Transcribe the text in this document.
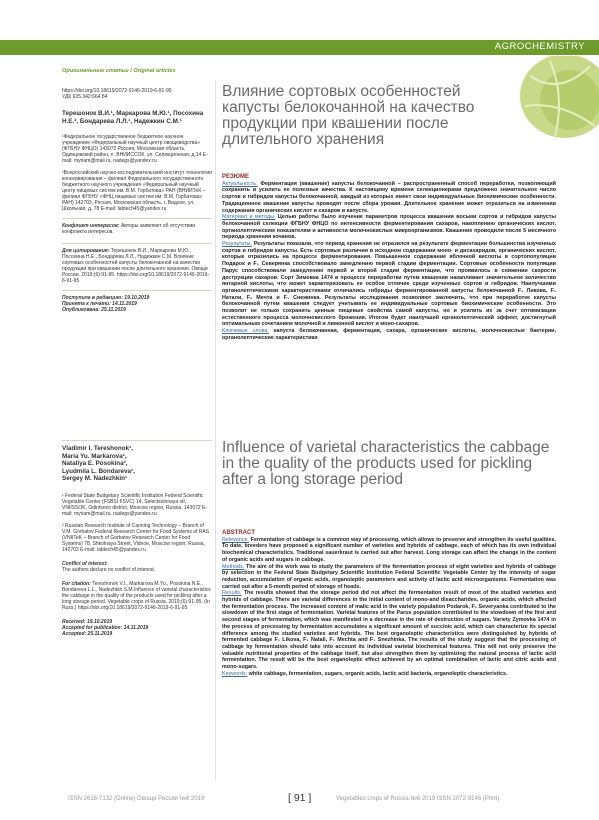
AGROCHEMISTRY

Оригинальные статьи / Original articles

https://doi.org/10.18619/2072-9146-2019-6-91-95

УДК 635.342:664.84

Терешонок В.И.¹, Маркарова М.Ю.¹, Посохина Н.Е.², Бондарева Л.Л.¹, Надежкин С.М.¹

¹Федеральное государственное бюджетное научное учреждение «Федеральный научный центр овощеводства» (ФГБНУ ФНЦО) 143072 Россия, Московская область, Одинцовский район, п. ВНИИССОК, ул. Селекционная, д.14 E-mail: myriam@mail.ru, nadegs@yandex.ru

²Всероссийский научно-исследовательский институт технологии консервирования – филиал Федерального государственного бюджетного научного учреждения «Федеральный научный центр пищевых систем им. В.М. Горбатова» РАН (ВНИИТеК – филиал ФГБНУ «ФНЦ пищевых систем им. В.М. Горбатова» РАН) 142703, Россия, Московская область, г. Видное, ул. Школьная, д. 78 E-mail: labtech45@yandex.ru

Конфликт интересов: Авторы заявляют об отсутствии конфликта интересов.

Для цитирования: Терешонок В.И., Маркарова М.Ю., Посохина Н.Е., Бондарева Л.Л., Надежкин С.М. Влияние сортовых особенностей капусты белокочанной на качество продукции при квашении после длительного хранения. Овощи России. 2019;(6):91-95. https://doi.org/10.18619/2072-9146-2019-6-91-95

Поступила в редакцию: 19.10.2019

Принята к печати: 14.11.2019

Опубликована: 25.11.2019

Vladimir I. Tereshonok¹,

Maria Yu. Markarova¹,

Nataliya E. Posokina²,

Lyudmila L. Bondareva¹,

Sergey M. Nadezhkin¹

¹ Federal State Budgetary Scientific Institution Federal Scientific Vegetable Center (FSBSI FSVC) 14, Selectsionnaya str., VNIISSOK, Odintsovo district, Moscow region, Russia, 143072 E-mail: myriam@mail.ru, nadegs@yandex.ru

² Russian Research Institute of Canning Technology – Branch of V.M. Gorbatov Federal Research Center for Food Systems of RAS (VNIITeK – Branch of Gorbatov Research Center for Food Systems) 78, Shkolnaya Street, Vidnoe, Moscow region, Russia, 142703 E-mail: labtech45@yandex.ru

Conflict of interest:

The authors declare no conflict of interest.

For citation: Tereshonok V.I., Markarova M.Yu., Posokina N.E., Bondareva L.L., Nadezhkin S.M.Influence of varietal characteristics the cabbage in the quality of the products used for pickling after a long storage period. Vegetable crops of Russia. 2019;(6):91-95. (In Russ.) https://doi.org/10.18619/2072-9146-2019-6-91-95

Received: 19.10.2019

Accepted for publication: 14.11.2019

Accepted: 25.11.2019

Влияние сортовых особенностей капусты белокочанной на качество продукции при квашении после длительного хранения
РЕЗЮМЕ

Актуальность. Ферментация (квашение) капусты белокочанной – распространенный способ переработки, позволяющий сохранить и усилить ее полезные качества. К настоящему времени селекционерами предложено значительное число сортов и гибридов капусты белокочанной, каждый из которых имеет свои индивидуальные биохимические особенности. Традиционное квашение капусты проводят после сбора урожая. Длительное хранение может отразиться на изменении содержания органических кислот и сахаров в капусте.

Материал и методы. Целью работы было изучение параметров процесса квашения восьми сортов и гибридов капусты белокочанной селекции ФГБНУ ФНЦО по интенсивности ферментирования сахаров, накоплению органических кислот, органолептическим показателям и активности молочнокислых микроорганизмов. Квашение проводили после 5 месячного периода хранения кочанов.

Результаты. Результаты показали, что период хранения не отразился на результате ферментации большинства изученных сортов и гибридов капусты. Есть сортовые различия в исходном содержании моно- и дисахаридов, органических кислот, которые отразились на процессе ферментирования. Повышенное содержание яблочной кислоты в сортопопуляции Подарок и F₁ Северянка способствовало замедлению первой стадии ферментации. Сортовые особенности популяции Парус способствовали замедлению первой и второй стадии ферментации, что проявилось в снижении скорости деструкции сахаров. Сорт Зимовка 1474 в процессе переработки путем квашения накапливает значительное количество янтарной кислоты, что может характеризовать ее особое отличие среди изученных сортов и гибридов. Наилучшими органолептическими характеристиками отличались гибриды ферментированной капусты белокочанной F₁ Ликова, F₁ Натали, F₁ Мечта и F₁ Снежинка. Результаты исследования позволяют заключить, что при переработке капусты белокочанной путем квашения следует учитывать ее индивидуальные сортовые биохимические особенности. Это позволит не только сохранить ценные пищевые свойства самой капусты, но и усилить их за счет оптимизации естественного процесса молочнокислого брожения. Итогом будет наилучший органолептический эффект, достигнутый оптимальным сочетанием молочной и лимонной кислот и моно-сахаров.

Ключевые слова: капуста белокочанная, ферментация, сахара, органические кислоты, молочнокислые бактерии, органолептические характеристики

Influence of varietal characteristics the cabbage in the quality of the products used for pickling after a long storage period
ABSTRACT

Relevance. Fermentation of cabbage is a common way of processing, which allows to preserve and strengthen its useful qualities. To date, breeders have proposed a significant number of varieties and hybrids of cabbage, each of which has its own individual biochemical characteristics. Traditional sauerkraut is carried out after harvest. Long storage can affect the change in the content of organic acids and sugars in cabbage.

Methods. The aim of the work was to study the parameters of the fermentation process of eight varieties and hybrids of cabbage by selection in the Federal State Budgetary Scientific Institution Federal Scientific Vegetable Center by the intensity of sugar reduction, accumulation of organic acids, organoleptic parameters and activity of lactic acid microorganisms. Fermentation was carried out after a 5-month period of storage of heads.

Results. The results showed that the storage period did not affect the fermentation result of most of the studied varieties and hybrids of cabbage. There are varietal differences in the initial content of mono-and disaccharides, organic acids, which affected the fermentation process. The increased content of malic acid in the variety population Podarok, F₁ Severyanka contributed to the slowdown of the first stage of fermentation. Varietal features of the Parus population contributed to the slowdown of the first and second stages of fermentation, which was manifested in a decrease in the rate of destruction of sugars. Variety Zymovka 1474 in the process of processing by fermentation accumulates a significant amount of succinic acid, which can characterize its special difference among the studied varieties and hybrids. The best organoleptic characteristics were distinguished by hybrids of fermented cabbage F₁ Likova, F₁ Natali, F₁ Mechta and F₁ Snezhinka. The results of the study suggest that the processing of cabbage by fermentation should take into account its individual varietal biochemical features. This will not only preserve the valuable nutritional properties of the cabbage itself, but also strengthen them by optimizing the natural process of lactic acid fermentation. The result will be the best organoleptic effect achieved by an optimal combination of lactic and citric acids and mono-sugars.

Keywords: white cabbage, fermentation, sugars, organic acids, lactic acid bacteria, organoleptic characteristics.

ISSN 2618-7132 (Online) Овощи России №6 2019	[ 91 ]	Vegetables crops of Russia №6 2019 ISSN 2072-9146 (Print)
